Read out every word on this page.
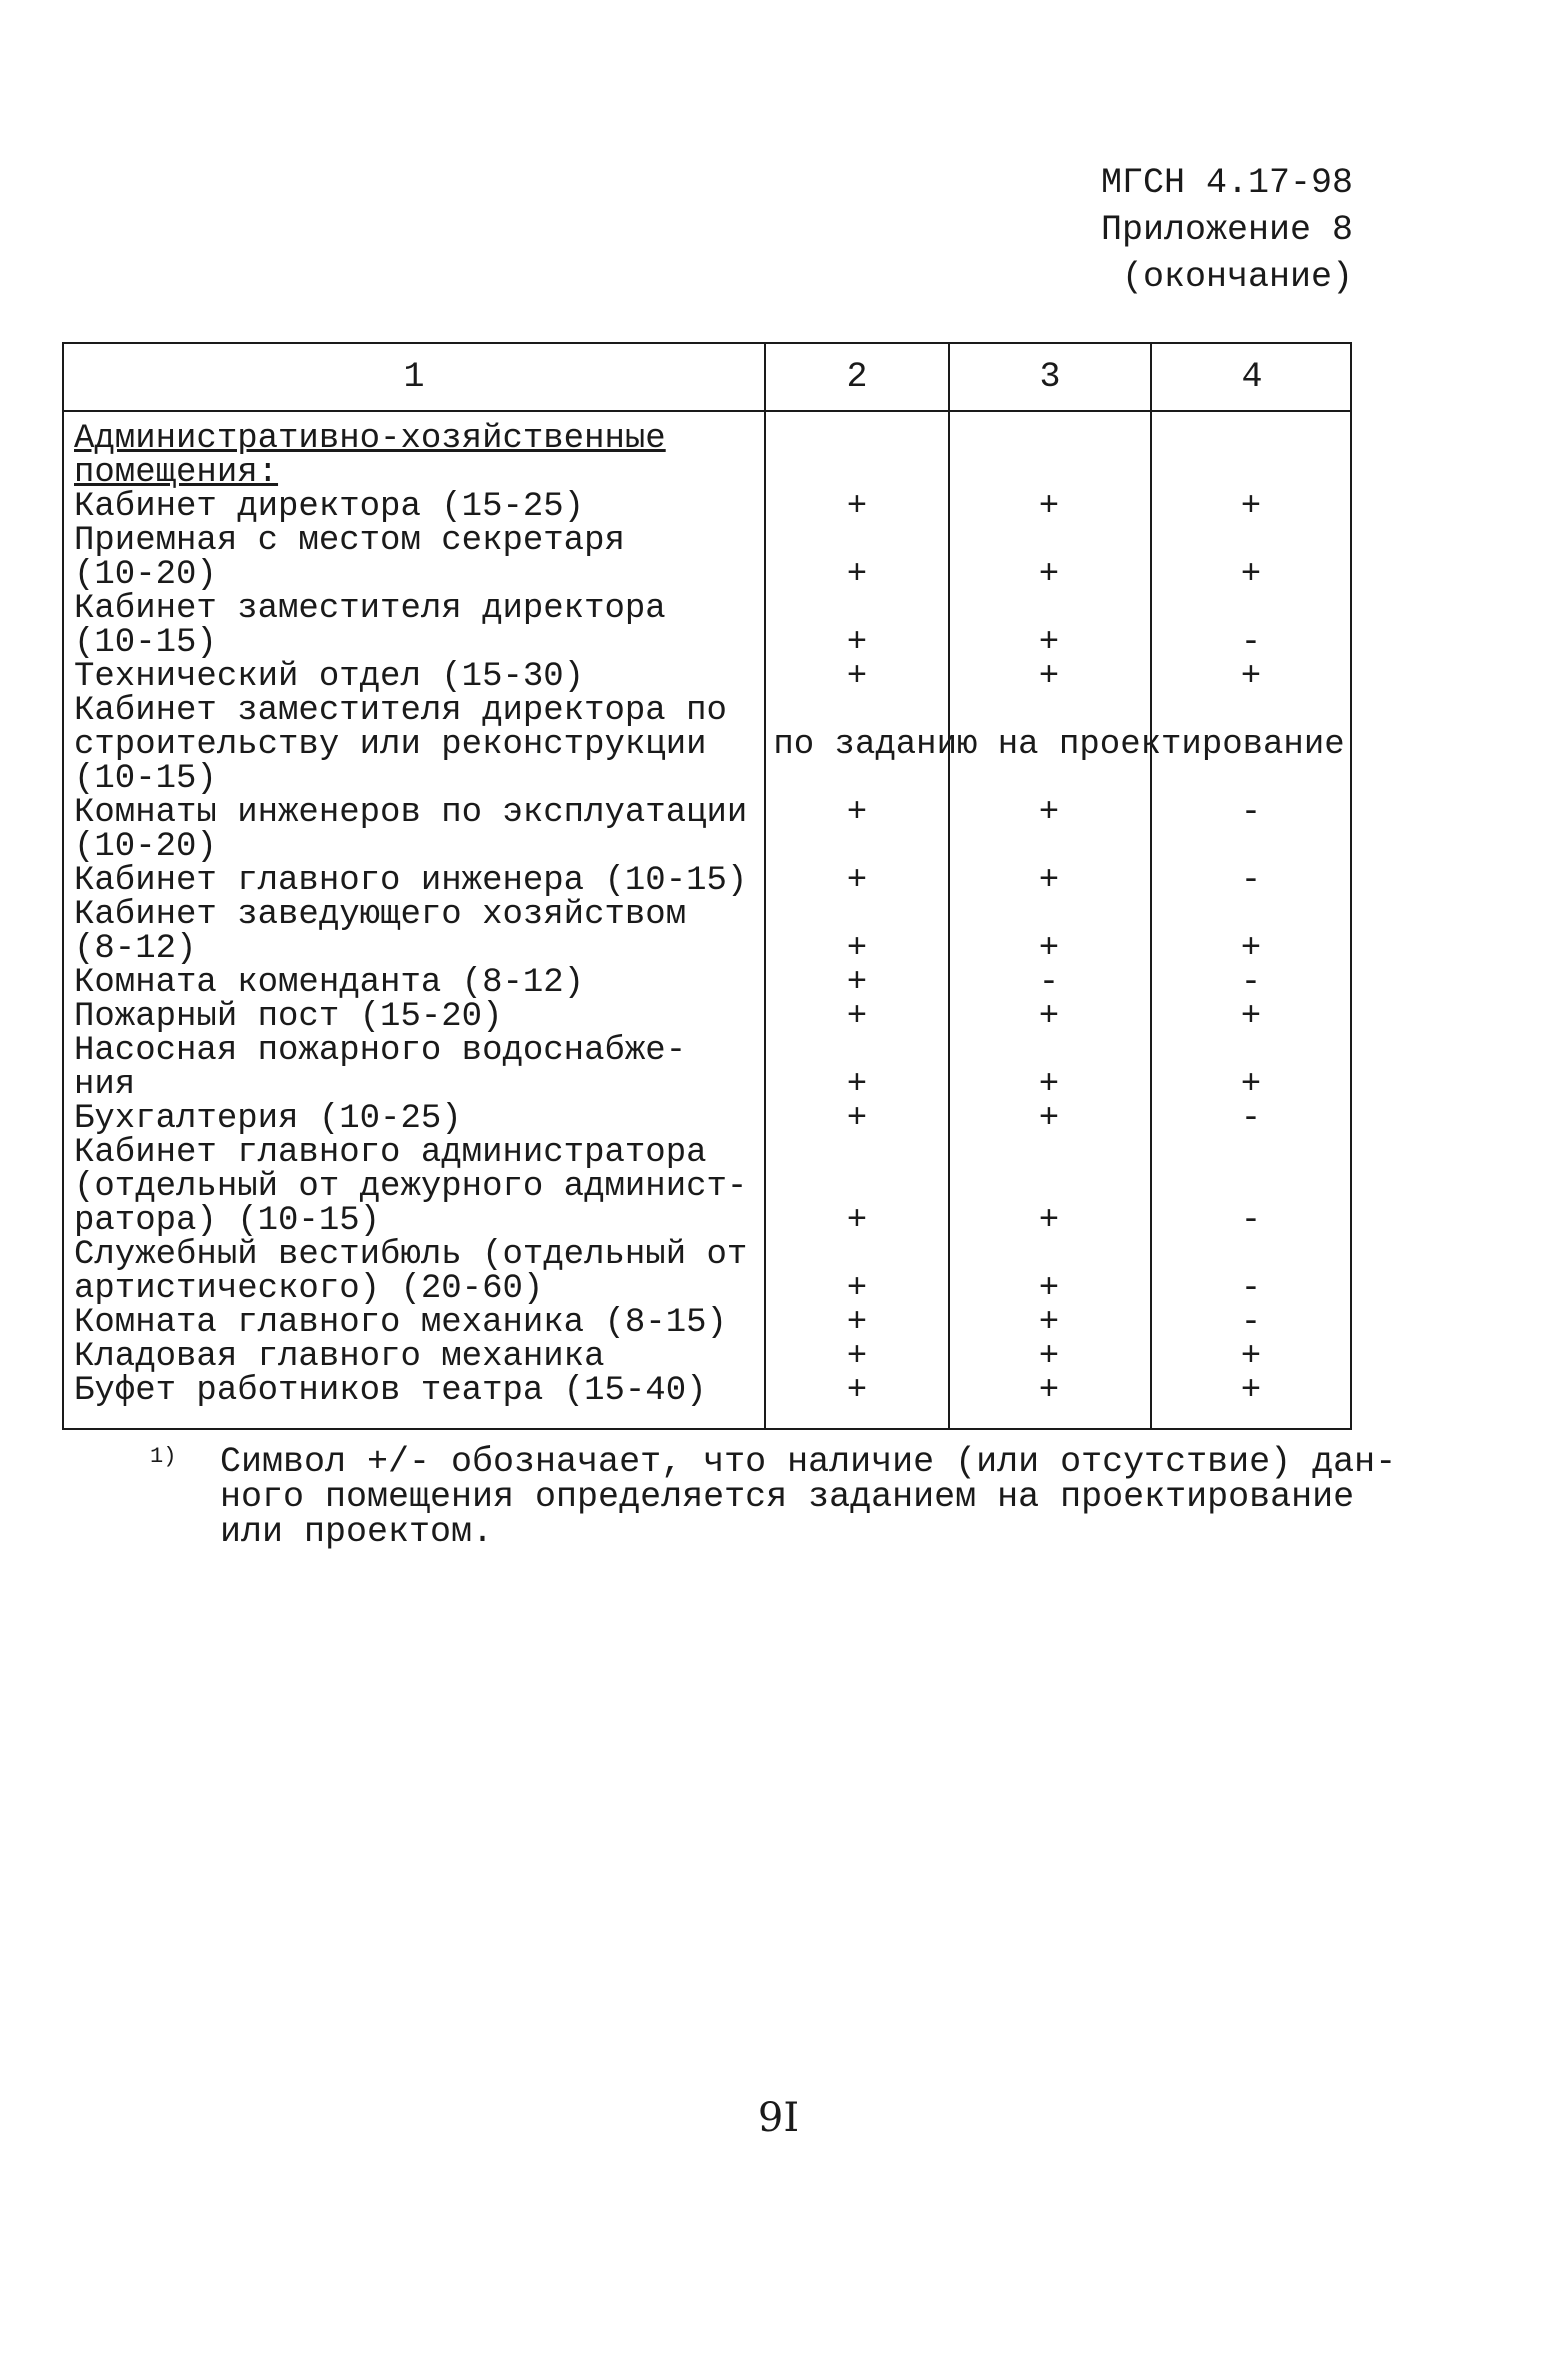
МГСН 4.17-98
Приложение 8
(окончание)
1	2	3	4
Административно-хозяйственные
помещения:
Кабинет директора (15-25)	+	+	+
Приемная с местом секретаря
(10-20)	+	+	+
Кабинет заместителя директора
(10-15)	+	+	-
Технический отдел (15-30)	+	+	+
Кабинет заместителя директора по
строительству или реконструкции	по заданию на проектирование
(10-15)
Комнаты инженеров по эксплуатации	+	+	-
(10-20)
Кабинет главного инженера (10-15)	+	+	-
Кабинет заведующего хозяйством
(8-12)	+	+	+
Комната коменданта (8-12)	+	-	-
Пожарный пост (15-20)	+	+	+
Насосная пожарного водоснабже-
ния	+	+	+
Бухгалтерия (10-25)	+	+	-
Кабинет главного администратора
(отдельный от дежурного админист-
ратора) (10-15)	+	+	-
Служебный вестибюль (отдельный от
артистического) (20-60)	+	+	-
Комната главного механика (8-15)	+	+	-
Кладовая главного механика	+	+	+
Буфет работников театра (15-40)	+	+	+
1) Символ +/- обозначает, что наличие (или отсутствие) дан-
ного помещения определяется заданием на проектирование
или проектом.
9I
